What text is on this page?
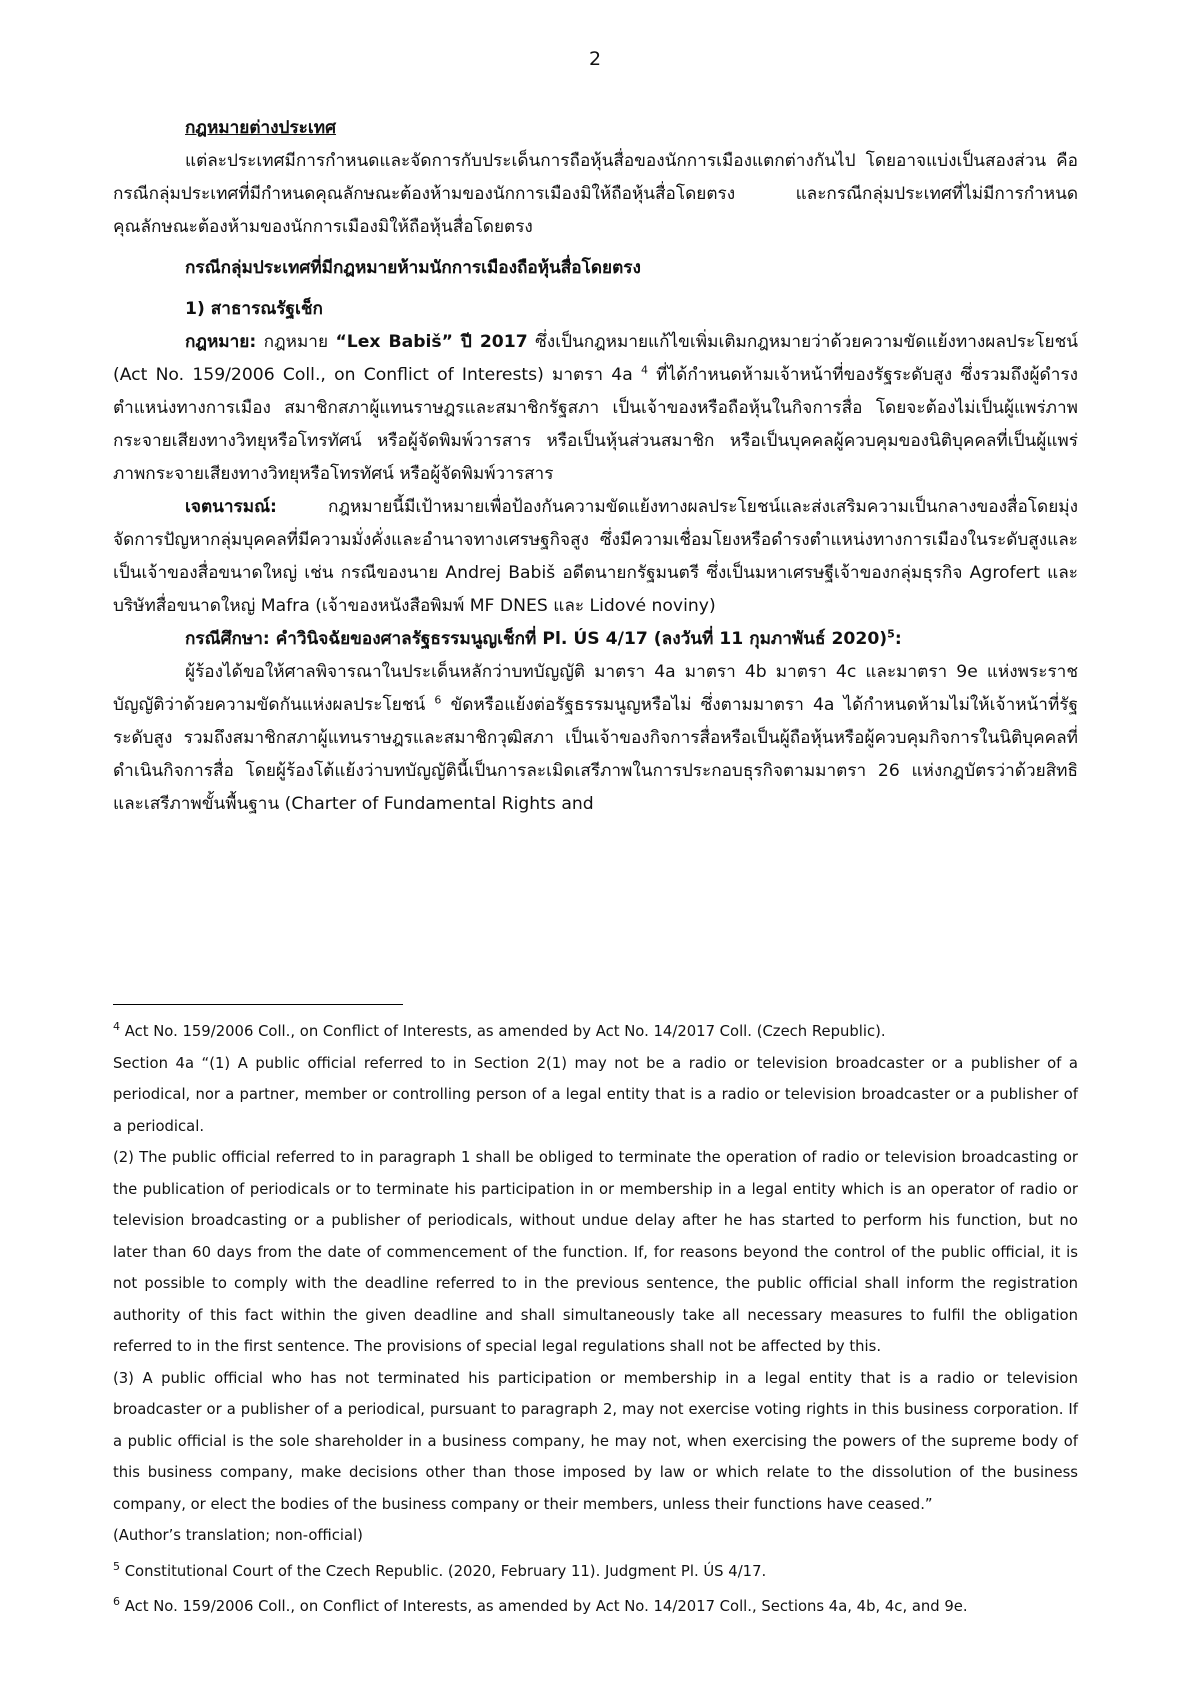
2

กฎหมายต่างประเทศ

แต่ละประเทศมีการกำหนดและจัดการกับประเด็นการถือหุ้นสื่อของนักการเมืองแตกต่างกันไป โดยอาจแบ่งเป็นสองส่วน คือ กรณีกลุ่มประเทศที่มีกำหนดคุณลักษณะต้องห้ามของนักการเมืองมิให้ถือหุ้นสื่อโดยตรง และกรณีกลุ่มประเทศที่ไม่มีการกำหนดคุณลักษณะต้องห้ามของนักการเมืองมิให้ถือหุ้นสื่อโดยตรง

กรณีกลุ่มประเทศที่มีกฎหมายห้ามนักการเมืองถือหุ้นสื่อโดยตรง

1) สาธารณรัฐเช็ก

กฎหมาย: กฎหมาย “Lex Babiš” ปี 2017 ซึ่งเป็นกฎหมายแก้ไขเพิ่มเติมกฎหมายว่าด้วยความขัดแย้งทางผลประโยชน์ (Act No. 159/2006 Coll., on Conflict of Interests) มาตรา 4a $^4$ ที่ได้กำหนดห้ามเจ้าหน้าที่ของรัฐระดับสูง ซึ่งรวมถึงผู้ดำรงตำแหน่งทางการเมือง สมาชิกสภาผู้แทนราษฎรและสมาชิกรัฐสภา เป็นเจ้าของหรือถือหุ้นในกิจการสื่อ โดยจะต้องไม่เป็นผู้แพร่ภาพกระจายเสียงทางวิทยุหรือโทรทัศน์ หรือผู้จัดพิมพ์วารสาร หรือเป็นหุ้นส่วนสมาชิก หรือเป็นบุคคลผู้ควบคุมของนิติบุคคลที่เป็นผู้แพร่ภาพกระจายเสียงทางวิทยุหรือโทรทัศน์ หรือผู้จัดพิมพ์วารสาร

เจตนารมณ์: กฎหมายนี้มีเป้าหมายเพื่อป้องกันความขัดแย้งทางผลประโยชน์และส่งเสริมความเป็นกลางของสื่อโดยมุ่งจัดการปัญหากลุ่มบุคคลที่มีความมั่งคั่งและอำนาจทางเศรษฐกิจสูง ซึ่งมีความเชื่อมโยงหรือดำรงตำแหน่งทางการเมืองในระดับสูงและเป็นเจ้าของสื่อขนาดใหญ่ เช่น กรณีของนาย Andrej Babiš อดีตนายกรัฐมนตรี ซึ่งเป็นมหาเศรษฐีเจ้าของกลุ่มธุรกิจ Agrofert และบริษัทสื่อขนาดใหญ่ Mafra (เจ้าของหนังสือพิมพ์ MF DNES และ Lidové noviny)

กรณีศึกษา: คำวินิจฉัยของศาลรัฐธรรมนูญเช็กที่ Pl. ÚS 4/17 (ลงวันที่ 11 กุมภาพันธ์ 2020)$^5$:

ผู้ร้องได้ขอให้ศาลพิจารณาในประเด็นหลักว่าบทบัญญัติ มาตรา 4a มาตรา 4b มาตรา 4c และมาตรา 9e แห่งพระราชบัญญัติว่าด้วยความขัดกันแห่งผลประโยชน์ $^6$ ขัดหรือแย้งต่อรัฐธรรมนูญหรือไม่ ซึ่งตามมาตรา 4a ได้กำหนดห้ามไม่ให้เจ้าหน้าที่รัฐระดับสูง รวมถึงสมาชิกสภาผู้แทนราษฎรและสมาชิกวุฒิสภา เป็นเจ้าของกิจการสื่อหรือเป็นผู้ถือหุ้นหรือผู้ควบคุมกิจการในนิติบุคคลที่ดำเนินกิจการสื่อ โดยผู้ร้องโต้แย้งว่าบทบัญญัตินี้เป็นการละเมิดเสรีภาพในการประกอบธุรกิจตามมาตรา 26 แห่งกฎบัตรว่าด้วยสิทธิและเสรีภาพขั้นพื้นฐาน (Charter of Fundamental Rights and

$^4$ Act No. 159/2006 Coll., on Conflict of Interests, as amended by Act No. 14/2017 Coll. (Czech Republic).

Section 4a “(1) A public official referred to in Section 2(1) may not be a radio or television broadcaster or a publisher of a periodical, nor a partner, member or controlling person of a legal entity that is a radio or television broadcaster or a publisher of a periodical.

(2) The public official referred to in paragraph 1 shall be obliged to terminate the operation of radio or television broadcasting or the publication of periodicals or to terminate his participation in or membership in a legal entity which is an operator of radio or television broadcasting or a publisher of periodicals, without undue delay after he has started to perform his function, but no later than 60 days from the date of commencement of the function. If, for reasons beyond the control of the public official, it is not possible to comply with the deadline referred to in the previous sentence, the public official shall inform the registration authority of this fact within the given deadline and shall simultaneously take all necessary measures to fulfil the obligation referred to in the first sentence. The provisions of special legal regulations shall not be affected by this.

(3) A public official who has not terminated his participation or membership in a legal entity that is a radio or television broadcaster or a publisher of a periodical, pursuant to paragraph 2, may not exercise voting rights in this business corporation. If a public official is the sole shareholder in a business company, he may not, when exercising the powers of the supreme body of this business company, make decisions other than those imposed by law or which relate to the dissolution of the business company, or elect the bodies of the business company or their members, unless their functions have ceased.”

(Author’s translation; non-official)

$^5$ Constitutional Court of the Czech Republic. (2020, February 11). Judgment Pl. ÚS 4/17.

$^6$ Act No. 159/2006 Coll., on Conflict of Interests, as amended by Act No. 14/2017 Coll., Sections 4a, 4b, 4c, and 9e.
